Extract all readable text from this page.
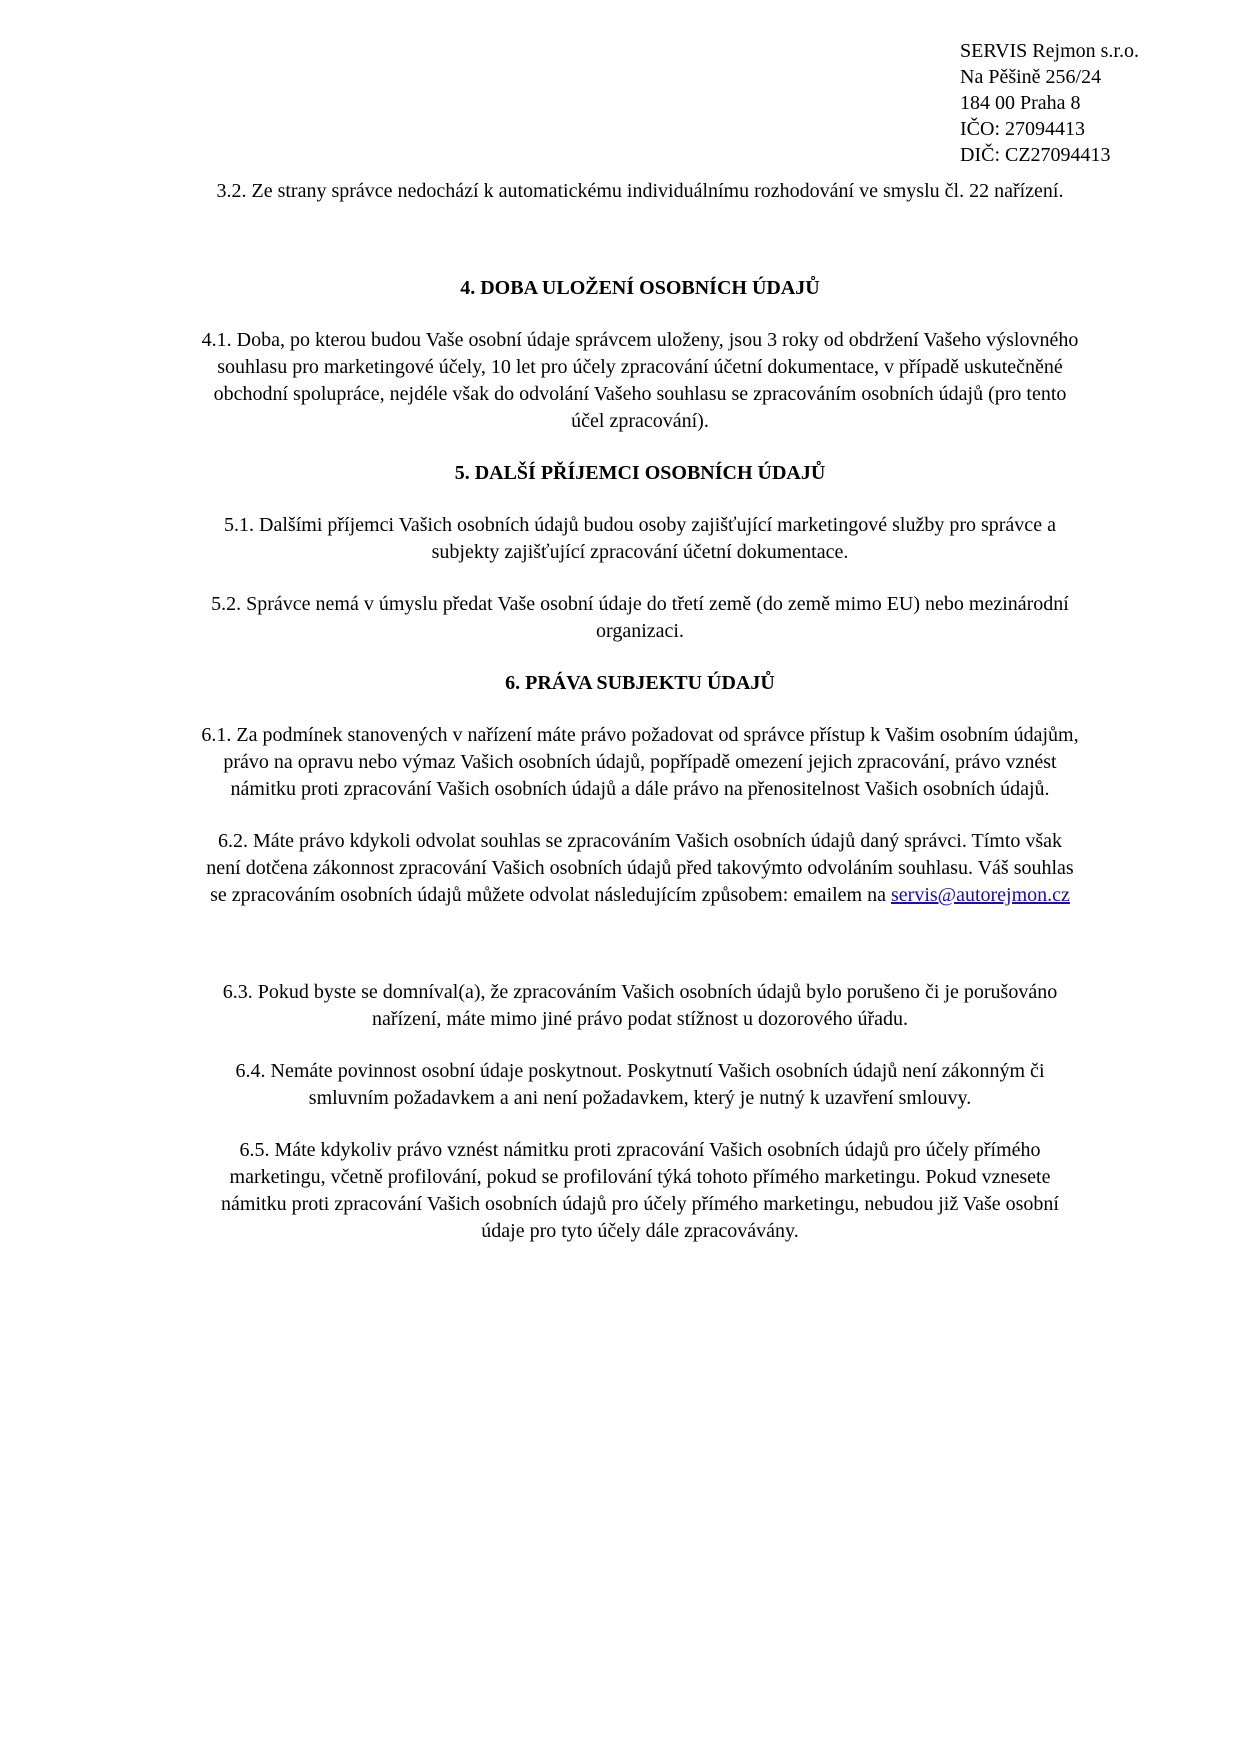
SERVIS Rejmon s.r.o.
Na Pěšině 256/24
184 00 Praha 8
IČO: 27094413
DIČ: CZ27094413

3.2. Ze strany správce nedochází k automatickému individuálnímu rozhodování ve smyslu čl. 22 nařízení.

4. DOBA ULOŽENÍ OSOBNÍCH ÚDAJŮ

4.1. Doba, po kterou budou Vaše osobní údaje správcem uloženy, jsou 3 roky od obdržení Vašeho výslovného souhlasu pro marketingové účely, 10 let pro účely zpracování účetní dokumentace, v případě uskutečněné obchodní spolupráce, nejdéle však do odvolání Vašeho souhlasu se zpracováním osobních údajů (pro tento účel zpracování).

5. DALŠÍ PŘÍJEMCI OSOBNÍCH ÚDAJŮ

5.1. Dalšími příjemci Vašich osobních údajů budou osoby zajišťující marketingové služby pro správce a subjekty zajišťující zpracování účetní dokumentace.

5.2. Správce nemá v úmyslu předat Vaše osobní údaje do třetí země (do země mimo EU) nebo mezinárodní organizaci.

6. PRÁVA SUBJEKTU ÚDAJŮ

6.1. Za podmínek stanovených v nařízení máte právo požadovat od správce přístup k Vašim osobním údajům, právo na opravu nebo výmaz Vašich osobních údajů, popřípadě omezení jejich zpracování, právo vznést námitku proti zpracování Vašich osobních údajů a dále právo na přenositelnost Vašich osobních údajů.

6.2. Máte právo kdykoli odvolat souhlas se zpracováním Vašich osobních údajů daný správci. Tímto však není dotčena zákonnost zpracování Vašich osobních údajů před takovýmto odvoláním souhlasu. Váš souhlas se zpracováním osobních údajů můžete odvolat následujícím způsobem: emailem na servis@autorejmon.cz

6.3. Pokud byste se domníval(a), že zpracováním Vašich osobních údajů bylo porušeno či je porušováno nařízení, máte mimo jiné právo podat stížnost u dozorového úřadu.

6.4. Nemáte povinnost osobní údaje poskytnout. Poskytnutí Vašich osobních údajů není zákonným či smluvním požadavkem a ani není požadavkem, který je nutný k uzavření smlouvy.

6.5. Máte kdykoliv právo vznést námitku proti zpracování Vašich osobních údajů pro účely přímého marketingu, včetně profilování, pokud se profilování týká tohoto přímého marketingu. Pokud vznesete námitku proti zpracování Vašich osobních údajů pro účely přímého marketingu, nebudou již Vaše osobní údaje pro tyto účely dále zpracovávány.
